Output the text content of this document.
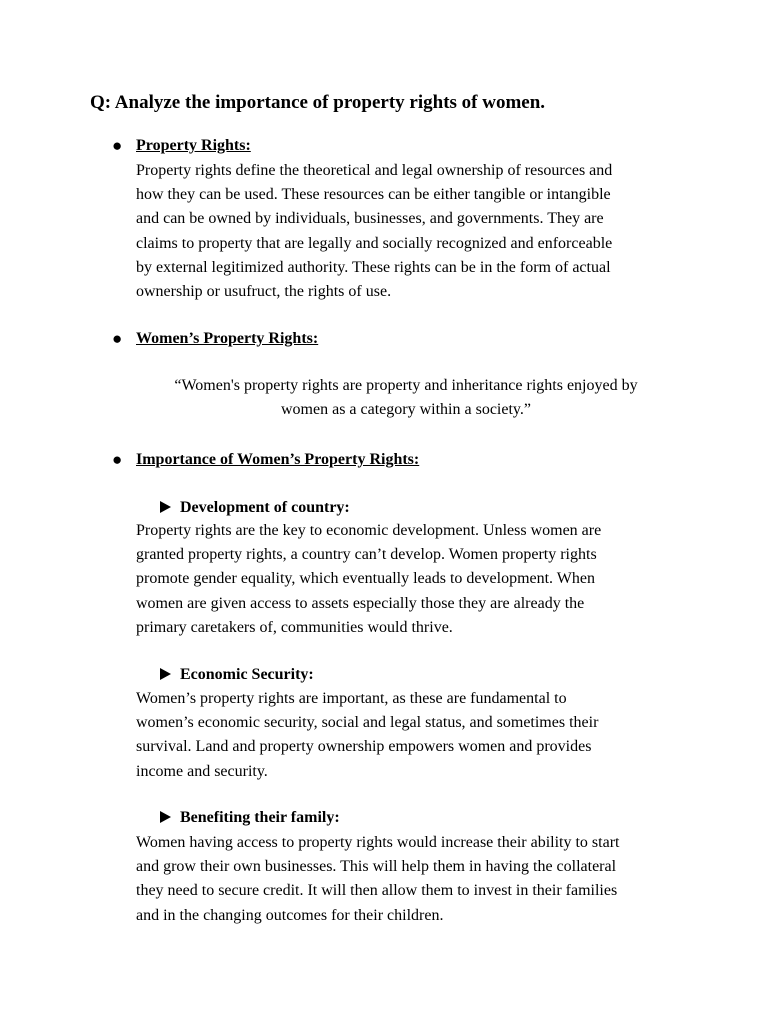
Q: Analyze the importance of property rights of women.
● Property Rights:

Property rights define the theoretical and legal ownership of resources and
how they can be used. These resources can be either tangible or intangible
and can be owned by individuals, businesses, and governments. They are
claims to property that are legally and socially recognized and enforceable
by external legitimized authority. These rights can be in the form of actual
ownership or usufruct, the rights of use.

● Women’s Property Rights:

“Women's property rights are property and inheritance rights enjoyed by
women as a category within a society.”

● Importance of Women’s Property Rights:
Development of country:

Property rights are the key to economic development. Unless women are
granted property rights, a country can’t develop. Women property rights
promote gender equality, which eventually leads to development. When
women are given access to assets especially those they are already the
primary caretakers of, communities would thrive.

Economic Security:

Women’s property rights are important, as these are fundamental to
women’s economic security, social and legal status, and sometimes their
survival. Land and property ownership empowers women and provides
income and security.

Benefiting their family:

Women having access to property rights would increase their ability to start
and grow their own businesses. This will help them in having the collateral
they need to secure credit. It will then allow them to invest in their families
and in the changing outcomes for their children.
